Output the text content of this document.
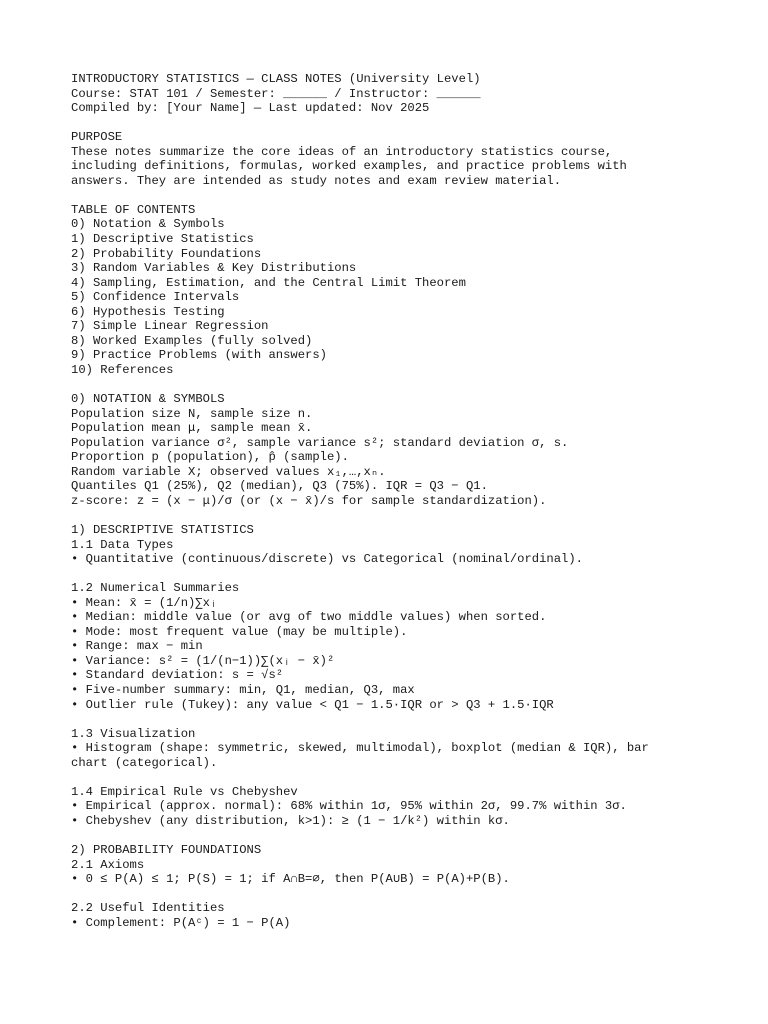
INTRODUCTORY STATISTICS — CLASS NOTES (University Level)
Course: STAT 101 / Semester: ______ / Instructor: ______
Compiled by: [Your Name] — Last updated: Nov 2025
PURPOSE
These notes summarize the core ideas of an introductory statistics course,
including definitions, formulas, worked examples, and practice problems with
answers. They are intended as study notes and exam review material.
TABLE OF CONTENTS
0) Notation & Symbols
1) Descriptive Statistics
2) Probability Foundations
3) Random Variables & Key Distributions
4) Sampling, Estimation, and the Central Limit Theorem
5) Confidence Intervals
6) Hypothesis Testing
7) Simple Linear Regression
8) Worked Examples (fully solved)
9) Practice Problems (with answers)
10) References
0) NOTATION & SYMBOLS
Population size N, sample size n.
Population mean μ, sample mean x̄.
Population variance σ², sample variance s²; standard deviation σ, s.
Proportion p (population), p̂ (sample).
Random variable X; observed values x₁,…,xₙ.
Quantiles Q1 (25%), Q2 (median), Q3 (75%). IQR = Q3 − Q1.
z-score: z = (x − μ)/σ (or (x − x̄)/s for sample standardization).
1) DESCRIPTIVE STATISTICS
1.1 Data Types
• Quantitative (continuous/discrete) vs Categorical (nominal/ordinal).
1.2 Numerical Summaries
• Mean: x̄ = (1/n)∑xᵢ
• Median: middle value (or avg of two middle values) when sorted.
• Mode: most frequent value (may be multiple).
• Range: max − min
• Variance: s² = (1/(n−1))∑(xᵢ − x̄)²
• Standard deviation: s = √s²
• Five-number summary: min, Q1, median, Q3, max
• Outlier rule (Tukey): any value < Q1 − 1.5·IQR or > Q3 + 1.5·IQR
1.3 Visualization
• Histogram (shape: symmetric, skewed, multimodal), boxplot (median & IQR), bar
chart (categorical).
1.4 Empirical Rule vs Chebyshev
• Empirical (approx. normal): 68% within 1σ, 95% within 2σ, 99.7% within 3σ.
• Chebyshev (any distribution, k>1): ≥ (1 − 1/k²) within kσ.
2) PROBABILITY FOUNDATIONS
2.1 Axioms
• 0 ≤ P(A) ≤ 1; P(S) = 1; if A∩B=∅, then P(A∪B) = P(A)+P(B).
2.2 Useful Identities
• Complement: P(Aᶜ) = 1 − P(A)
